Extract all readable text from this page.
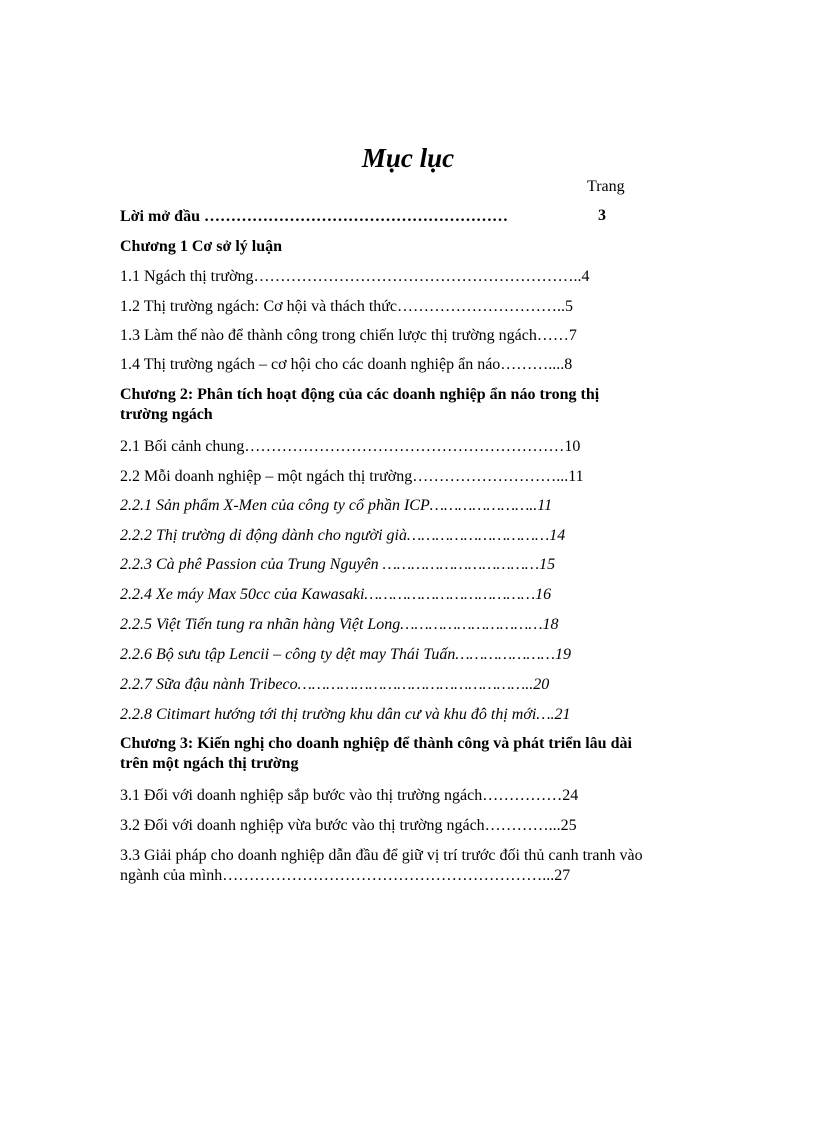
Mục lục
Trang
Lời mở đầu …………………………………………………	3
Chương 1 Cơ sở lý luận
1.1 Ngách thị trường……………………………………………………..4
1.2 Thị trường ngách: Cơ hội và thách thức…………………………..5
1.3 Làm thế nào để thành công trong chiến lược thị trường ngách……7
1.4 Thị trường ngách – cơ hội cho các doanh nghiệp ẩn náo………....8
Chương 2: Phân tích hoạt động của các doanh nghiệp ẩn náo trong thị trường ngách
2.1 Bối cảnh chung……………………………………………………10
2.2 Mỗi doanh nghiệp – một ngách thị trường………………………...11
2.2.1 Sản phẩm X-Men của công ty cổ phần ICP…………………..11
2.2.2 Thị trường di động dành cho người già…………………………14
2.2.3 Cà phê Passion của Trung Nguyên ……………………………15
2.2.4 Xe máy Max 50cc của Kawasaki………………………………16
2.2.5 Việt Tiến tung ra nhãn hàng Việt Long…………………………18
2.2.6 Bộ sưu tập Lencii – công ty dệt may Thái Tuấn…………………19
2.2.7 Sữa đậu nành Tribeco…………………………………………..20
2.2.8 Citimart hướng tới thị trường khu dân cư và khu đô thị mới….21
Chương 3: Kiến nghị cho doanh nghiệp để thành công và phát triển lâu dài trên một ngách thị trường
3.1 Đối với doanh nghiệp sắp bước vào thị trường ngách……………24
3.2 Đối với doanh nghiệp vừa bước vào thị trường ngách…………...25
3.3 Giải pháp cho doanh nghiệp dẫn đầu để giữ vị trí trước đối thủ canh tranh vào ngành của mình……………………………………………………...27
